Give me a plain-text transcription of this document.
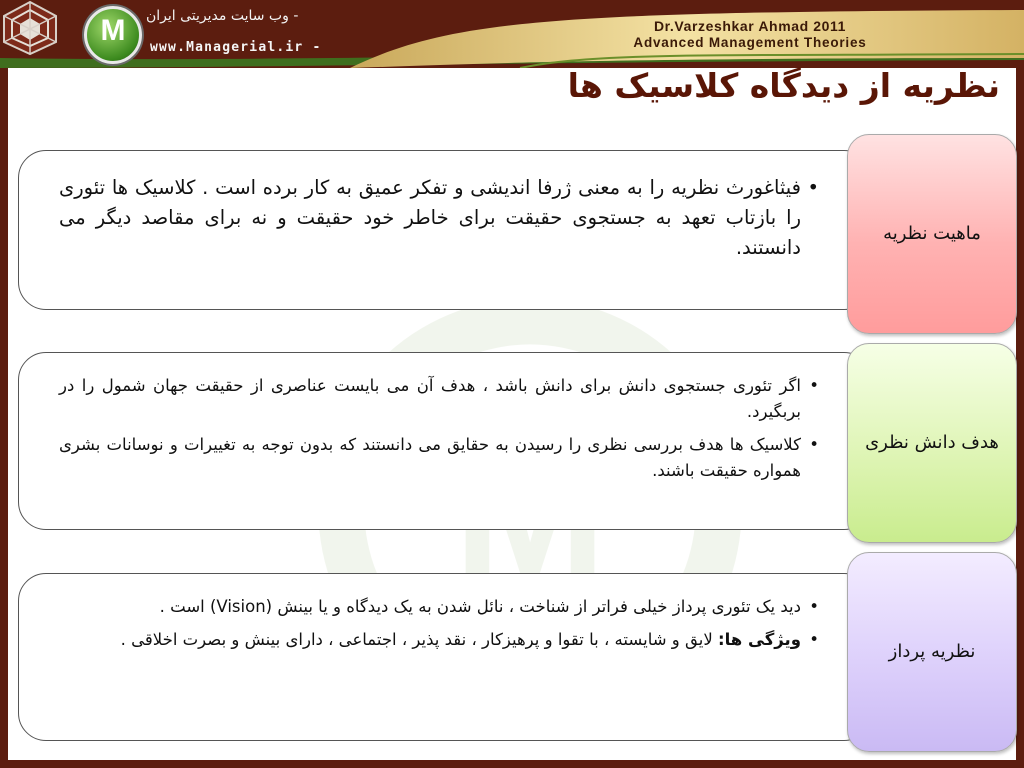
M	- وب سایت مدیریتی ایران
www.Managerial.ir -
Dr.Varzeshkar Ahmad 2011
Advanced Management Theories
نظریه از دیدگاه کلاسیک ها
• فیثاغورث نظریه را به معنی ژرفا اندیشی و تفکر عمیق به کار برده است . کلاسیک ها تئوری را بازتاب تعهد به جستجوی حقیقت برای خاطر خود حقیقت و نه برای مقاصد دیگر می دانستند.
ماهیت نظریه
• اگر تئوری جستجوی دانش برای دانش باشد ، هدف آن می بایست عناصری از حقیقت جهان شمول را در بربگیرد.
• کلاسیک ها هدف بررسی نظری را رسیدن به حقایق می دانستند که بدون توجه به تغییرات و نوسانات بشری همواره حقیقت باشند.
هدف دانش نظری
• دید یک تئوری پرداز خیلی فراتر از شناخت ، نائل شدن به یک دیدگاه و یا بینش (Vision) است .
• ویژگی ها: لایق و شایسته ، با تقوا و پرهیزکار ، نقد پذیر ، اجتماعی ، دارای بینش و بصرت اخلاقی .
نظریه پرداز
